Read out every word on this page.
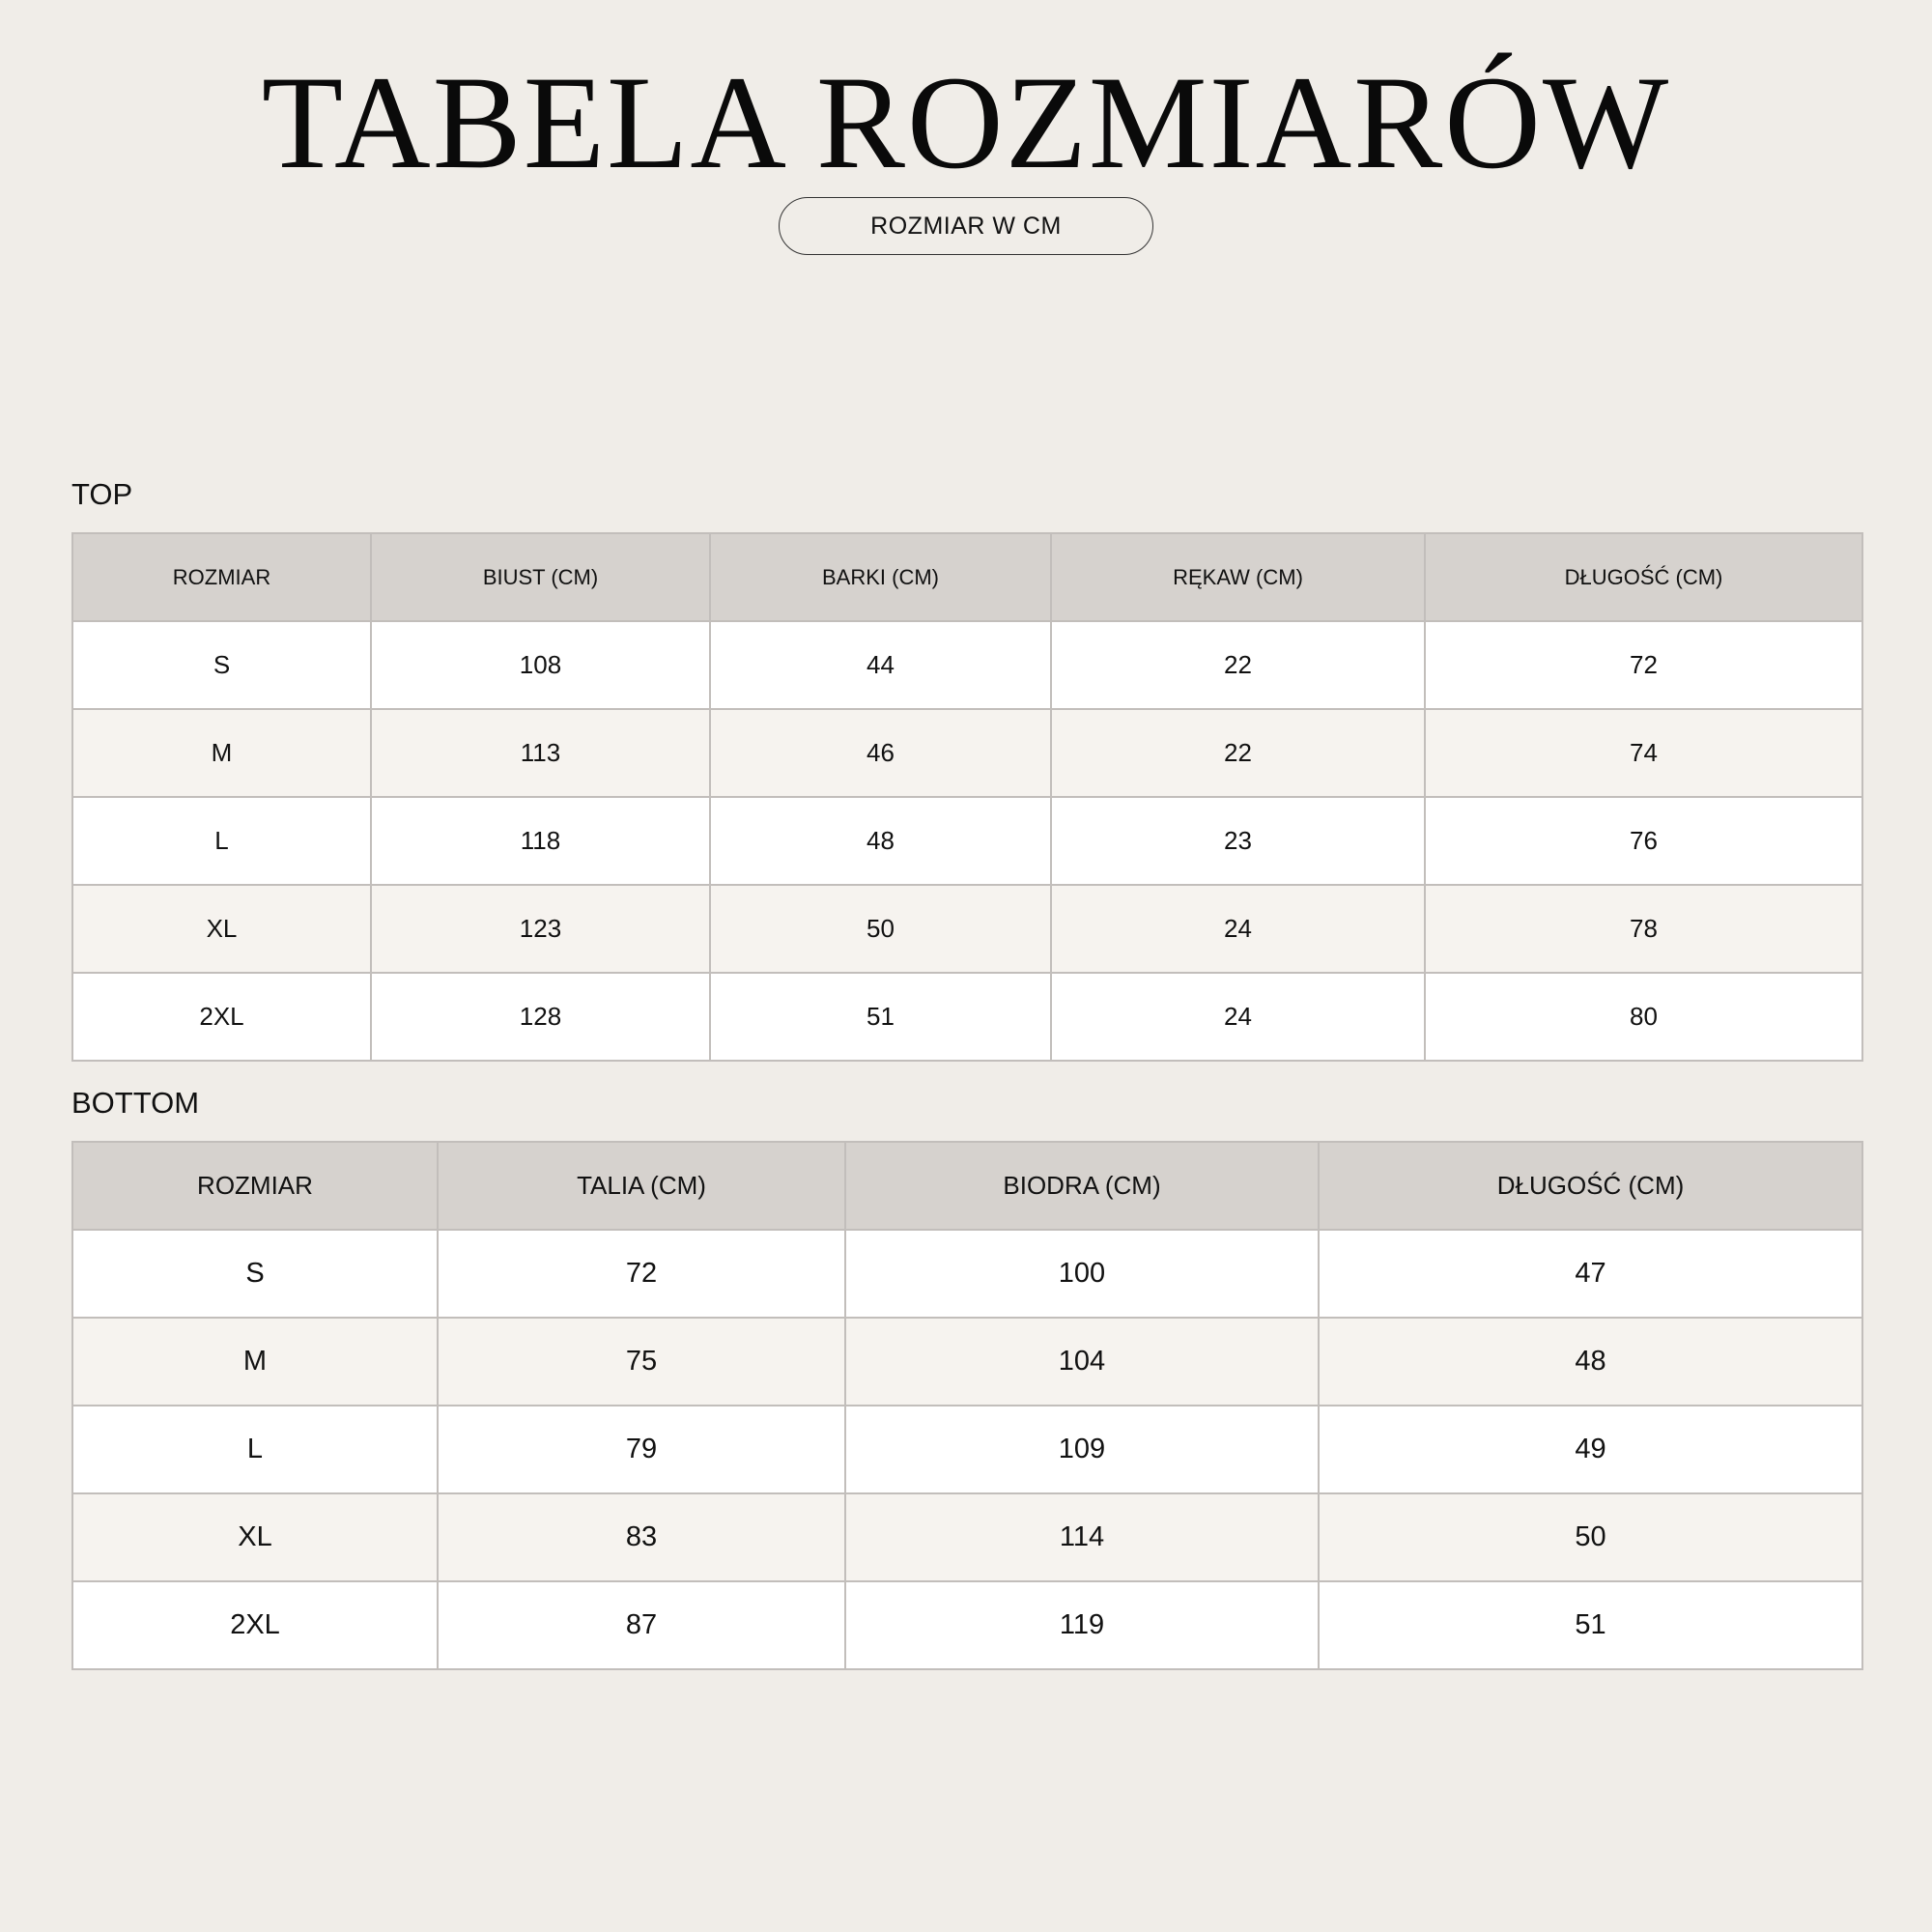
TABELA ROZMIARÓW
ROZMIAR W CM
TOP
ROZMIAR	BIUST (CM)	BARKI (CM)	RĘKAW (CM)	DŁUGOŚĆ (CM)
S	108	44	22	72
M	113	46	22	74
L	118	48	23	76
XL	123	50	24	78
2XL	128	51	24	80
BOTTOM
ROZMIAR	TALIA (CM)	BIODRA (CM)	DŁUGOŚĆ (CM)
S	72	100	47
M	75	104	48
L	79	109	49
XL	83	114	50
2XL	87	119	51
